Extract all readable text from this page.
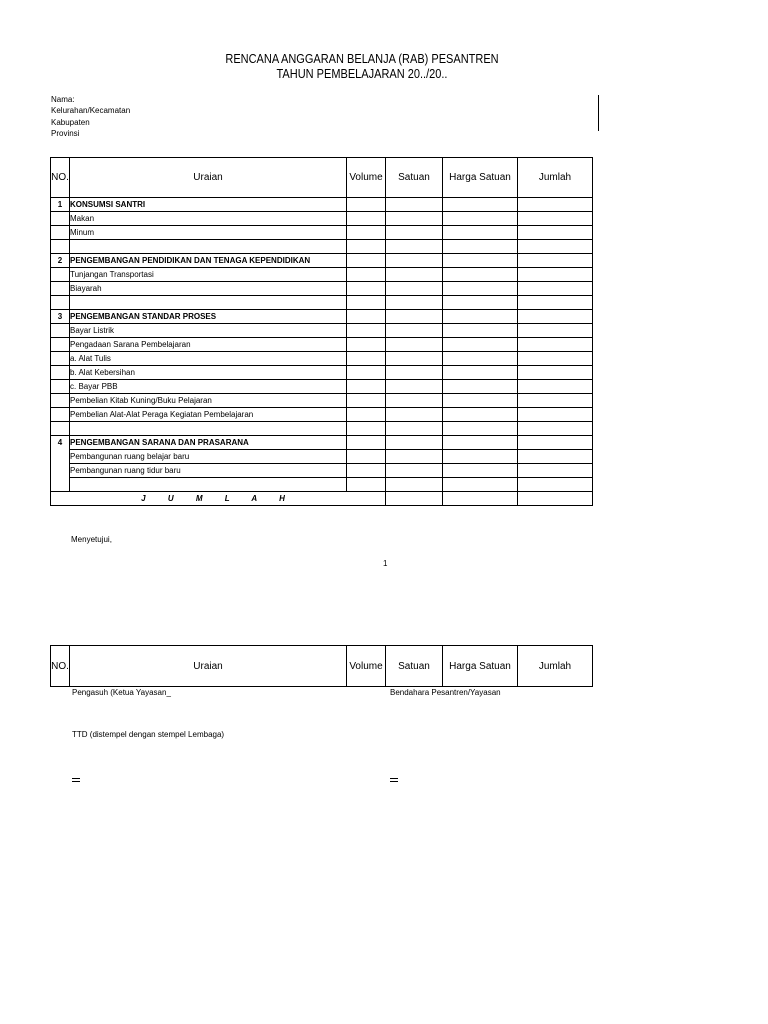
RENCANA ANGGARAN BELANJA (RAB) PESANTREN
TAHUN PEMBELAJARAN 20../20..
Nama:
Kelurahan/Kecamatan
Kabupaten
Provinsi
NO.	Uraian	Volume	Satuan	Harga Satuan	Jumlah
1	KONSUMSI SANTRI				
	Makan				
	Minum				

2	PENGEMBANGAN PENDIDIKAN DAN TENAGA KEPENDIDIKAN				
	Tunjangan Transportasi				
	Biayarah				

3	PENGEMBANGAN STANDAR PROSES				
	Bayar Listrik				
	Pengadaan Sarana Pembelajaran				
	a. Alat Tulis				
	b. Alat Kebersihan				
	c. Bayar PBB				
	Pembelian Kitab Kuning/Buku Pelajaran				
	Pembelian Alat-Alat Peraga Kegiatan Pembelajaran				

4	PENGEMBANGAN SARANA DAN PRASARANA				
	Pembangunan ruang belajar baru				
	Pembangunan ruang tidur baru				

J U M L A H					
Menyetujui,
1
NO.	Uraian	Volume	Satuan	Harga Satuan	Jumlah
Pengasuh (Ketua Yayasan_	Bendahara Pesantren/Yayasan
TTD (distempel dengan stempel Lembaga)
